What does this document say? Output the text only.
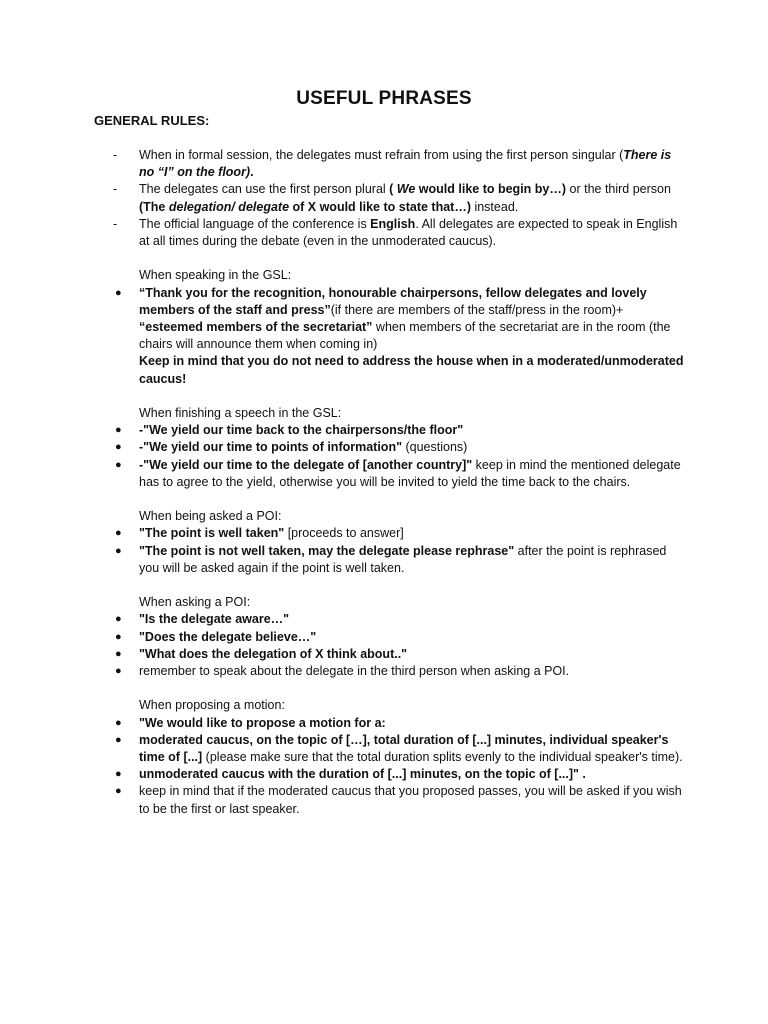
USEFUL PHRASES
GENERAL RULES:
-	When in formal session, the delegates must refrain from using the first person singular (There is no “I” on the floor).
-	The delegates can use the first person plural ( We would like to begin by…) or the third person (The delegation/ delegate of X would like to state that…) instead.
-	The official language of the conference is English. All delegates are expected to speak in English at all times during the debate (even in the unmoderated caucus).
When speaking in the GSL:
●	“Thank you for the recognition, honourable chairpersons, fellow delegates and lovely members of the staff and press”(if there are members of the staff/press in the room)+ “esteemed members of the secretariat” when members of the secretariat are in the room (the chairs will announce them when coming in)
Keep in mind that you do not need to address the house when in a moderated/unmoderated caucus!
When finishing a speech in the GSL:
●	-"We yield our time back to the chairpersons/the floor"
●	-"We yield our time to points of information" (questions)
●	-"We yield our time to the delegate of [another country]" keep in mind the mentioned delegate has to agree to the yield, otherwise you will be invited to yield the time back to the chairs.
When being asked a POI:
●	"The point is well taken" [proceeds to answer]
●	"The point is not well taken, may the delegate please rephrase" after the point is rephrased you will be asked again if the point is well taken.
When asking a POI:
●	"Is the delegate aware…"
●	"Does the delegate believe…"
●	"What does the delegation of X think about.."
●	remember to speak about the delegate in the third person when asking a POI.
When proposing a motion:
●	"We would like to propose a motion for a:
●	moderated caucus, on the topic of […], total duration of [...] minutes, individual speaker's time of [...] (please make sure that the total duration splits evenly to the individual speaker's time).
●	unmoderated caucus with the duration of [...] minutes, on the topic of [...]" .
●	keep in mind that if the moderated caucus that you proposed passes, you will be asked if you wish to be the first or last speaker.
